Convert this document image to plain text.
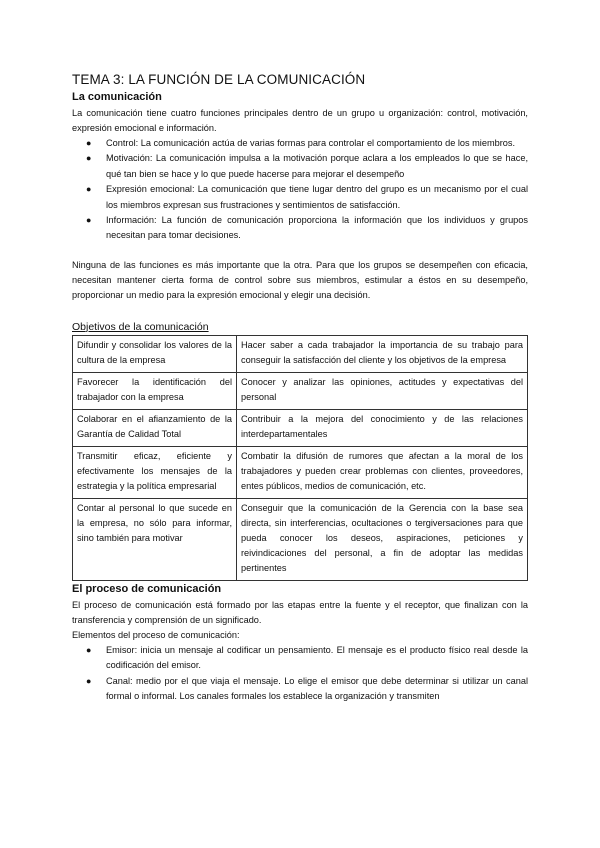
TEMA 3: LA FUNCIÓN DE LA COMUNICACIÓN
La comunicación

La comunicación tiene cuatro funciones principales dentro de un grupo u organización: control, motivación, expresión emocional e información.

● Control: La comunicación actúa de varias formas para controlar el comportamiento de los miembros.
● Motivación: La comunicación impulsa a la motivación porque aclara a los empleados lo que se hace, qué tan bien se hace y lo que puede hacerse para mejorar el desempeño
● Expresión emocional: La comunicación que tiene lugar dentro del grupo es un mecanismo por el cual los miembros expresan sus frustraciones y sentimientos de satisfacción.
● Información: La función de comunicación proporciona la información que los individuos y grupos necesitan para tomar decisiones.

Ninguna de las funciones es más importante que la otra. Para que los grupos se desempeñen con eficacia, necesitan mantener cierta forma de control sobre sus miembros, estimular a éstos en su desempeño, proporcionar un medio para la expresión emocional y elegir una decisión.

Objetivos de la comunicación
Difundir y consolidar los valores de la cultura de la empresa	Hacer saber a cada trabajador la importancia de su trabajo para conseguir la satisfacción del cliente y los objetivos de la empresa
Favorecer la identificación del trabajador con la empresa	Conocer y analizar las opiniones, actitudes y expectativas del personal
Colaborar en el afianzamiento de la Garantía de Calidad Total	Contribuir a la mejora del conocimiento y de las relaciones interdepartamentales
Transmitir eficaz, eficiente y efectivamente los mensajes de la estrategia y la política empresarial	Combatir la difusión de rumores que afectan a la moral de los trabajadores y pueden crear problemas con clientes, proveedores, entes públicos, medios de comunicación, etc.
Contar al personal lo que sucede en la empresa, no sólo para informar, sino también para motivar	Conseguir que la comunicación de la Gerencia con la base sea directa, sin interferencias, ocultaciones o tergiversaciones para que pueda conocer los deseos, aspiraciones, peticiones y reivindicaciones del personal, a fin de adoptar las medidas pertinentes
El proceso de comunicación

El proceso de comunicación está formado por las etapas entre la fuente y el receptor, que finalizan con la transferencia y comprensión de un significado.

Elementos del proceso de comunicación:

● Emisor: inicia un mensaje al codificar un pensamiento. El mensaje es el producto físico real desde la codificación del emisor.
● Canal: medio por el que viaja el mensaje. Lo elige el emisor que debe determinar si utilizar un canal formal o informal. Los canales formales los establece la organización y transmiten
